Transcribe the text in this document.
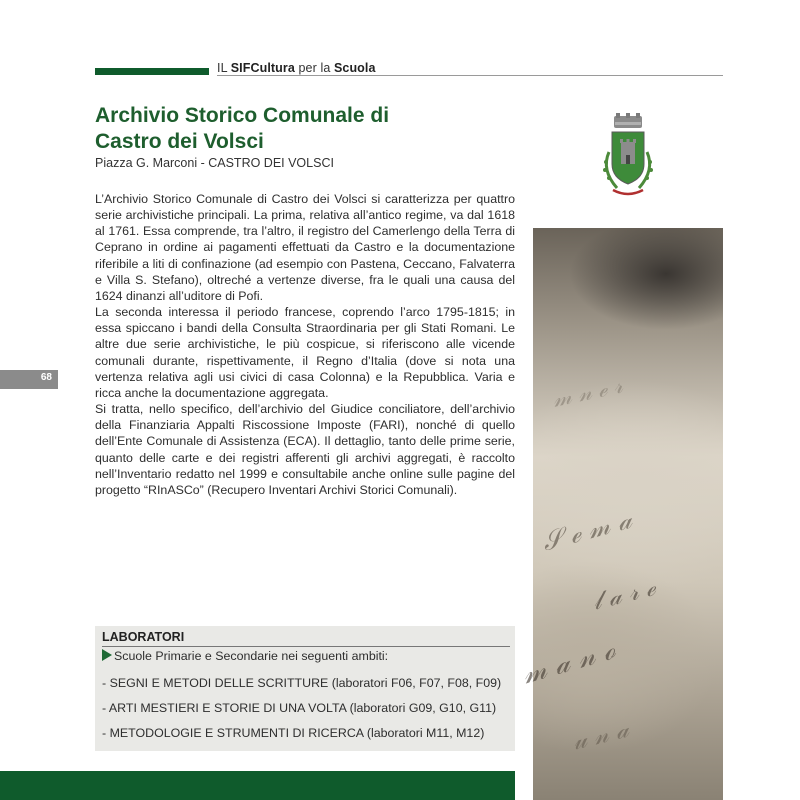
IL SIFCultura per la Scuola
Archivio Storico Comunale di Castro dei Volsci
Piazza G. Marconi - CASTRO DEI VOLSCI

L’Archivio Storico Comunale di Castro dei Volsci si caratterizza per quattro serie archivistiche principali. La prima, relativa all’antico regime, va dal 1618 al 1761. Essa comprende, tra l’altro, il registro del Camerlengo della Terra di Ceprano in ordine ai pagamenti effettuati da Castro e la documentazione riferibile a liti di confinazione (ad esempio con Pastena, Ceccano, Falvaterra e Villa S. Stefano), oltreché a vertenze diverse, fra le quali una causa del 1624 dinanzi all’uditore di Pofi.

La seconda interessa il periodo francese, coprendo l’arco 1795-1815; in essa spiccano i bandi della Consulta Straordinaria per gli Stati Romani. Le altre due serie archivistiche, le più cospicue, si riferiscono alle vicende comunali durante, rispettivamente, il Regno d’Italia (dove si nota una vertenza relativa agli usi civici di casa Colonna) e la Repubblica. Varia e ricca anche la documentazione aggregata.

Si tratta, nello specifico, dell’archivio del Giudice conciliatore, dell’archivio della Finanziaria Appalti Riscossione Imposte (FARI), nonché di quello dell’Ente Comunale di Assistenza (ECA). Il dettaglio, tanto delle prime serie, quanto delle carte e dei registri afferenti gli archivi aggregati, è raccolto nell’Inventario redatto nel 1999 e consultabile anche online sulle pagine del progetto “RInASCo” (Recupero Inventari Archivi Storici Comunali).

68	𝓂 𝓃 ℯ 𝓇
𝒮 ℯ 𝓂 𝒶
𝓁 𝒶 𝓇 ℯ
𝓂 𝒶 𝓃 ℴ
𝓊 𝓃 𝒶
LABORATORI
Scuole Primarie e Secondarie nei seguenti ambiti:
- SEGNI E METODI DELLE SCRITTURE (laboratori F06, F07, F08, F09)
- ARTI MESTIERI E STORIE DI UNA VOLTA (laboratori G09, G10, G11)
- METODOLOGIE E STRUMENTI DI RICERCA (laboratori M11, M12)
